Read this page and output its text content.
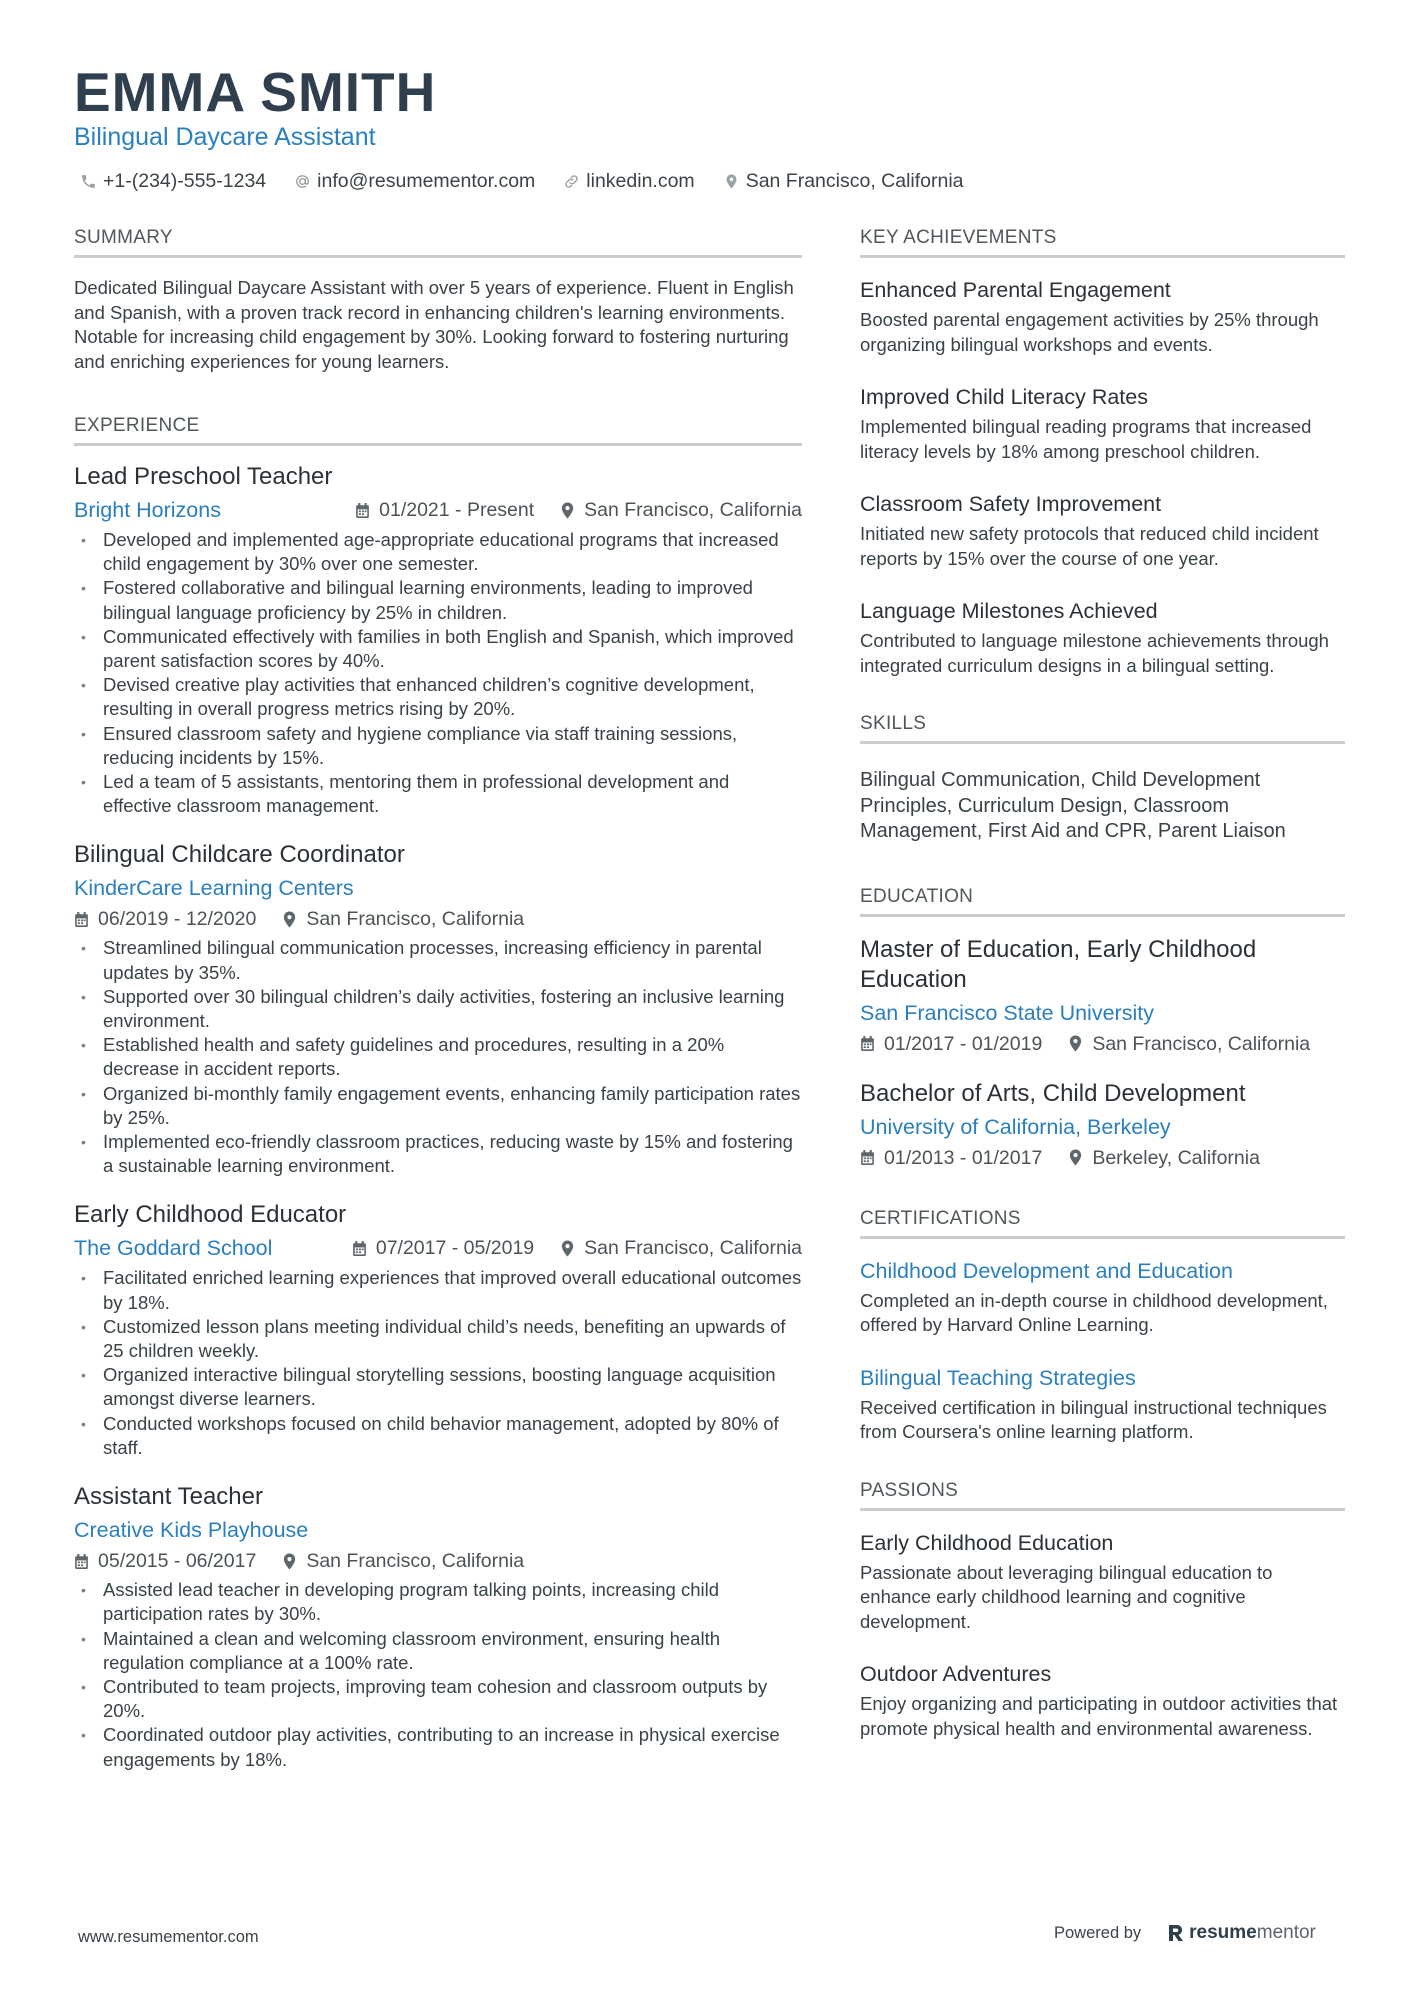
EMMA SMITH
Bilingual Daycare Assistant
+1-(234)-555-1234	info@resumementor.com	linkedin.com	San Francisco, California
SUMMARY
Dedicated Bilingual Daycare Assistant with over 5 years of experience. Fluent in English and Spanish, with a proven track record in enhancing children's learning environments. Notable for increasing child engagement by 30%. Looking forward to fostering nurturing and enriching experiences for young learners.
EXPERIENCE
Lead Preschool Teacher
Bright Horizons	01/2021 - Present	San Francisco, California
• Developed and implemented age-appropriate educational programs that increased child engagement by 30% over one semester.
• Fostered collaborative and bilingual learning environments, leading to improved bilingual language proficiency by 25% in children.
• Communicated effectively with families in both English and Spanish, which improved parent satisfaction scores by 40%.
• Devised creative play activities that enhanced children’s cognitive development, resulting in overall progress metrics rising by 20%.
• Ensured classroom safety and hygiene compliance via staff training sessions, reducing incidents by 15%.
• Led a team of 5 assistants, mentoring them in professional development and effective classroom management.
Bilingual Childcare Coordinator
KinderCare Learning Centers
06/2019 - 12/2020	San Francisco, California
• Streamlined bilingual communication processes, increasing efficiency in parental updates by 35%.
• Supported over 30 bilingual children’s daily activities, fostering an inclusive learning environment.
• Established health and safety guidelines and procedures, resulting in a 20% decrease in accident reports.
• Organized bi-monthly family engagement events, enhancing family participation rates by 25%.
• Implemented eco-friendly classroom practices, reducing waste by 15% and fostering a sustainable learning environment.
Early Childhood Educator
The Goddard School	07/2017 - 05/2019	San Francisco, California
• Facilitated enriched learning experiences that improved overall educational outcomes by 18%.
• Customized lesson plans meeting individual child’s needs, benefiting an upwards of 25 children weekly.
• Organized interactive bilingual storytelling sessions, boosting language acquisition amongst diverse learners.
• Conducted workshops focused on child behavior management, adopted by 80% of staff.
Assistant Teacher
Creative Kids Playhouse
05/2015 - 06/2017	San Francisco, California
• Assisted lead teacher in developing program talking points, increasing child participation rates by 30%.
• Maintained a clean and welcoming classroom environment, ensuring health regulation compliance at a 100% rate.
• Contributed to team projects, improving team cohesion and classroom outputs by 20%.
• Coordinated outdoor play activities, contributing to an increase in physical exercise engagements by 18%.
KEY ACHIEVEMENTS
Enhanced Parental Engagement
Boosted parental engagement activities by 25% through organizing bilingual workshops and events.
Improved Child Literacy Rates
Implemented bilingual reading programs that increased literacy levels by 18% among preschool children.
Classroom Safety Improvement
Initiated new safety protocols that reduced child incident reports by 15% over the course of one year.
Language Milestones Achieved
Contributed to language milestone achievements through integrated curriculum designs in a bilingual setting.
SKILLS
Bilingual Communication, Child Development Principles, Curriculum Design, Classroom Management, First Aid and CPR, Parent Liaison
EDUCATION
Master of Education, Early Childhood Education
San Francisco State University
01/2017 - 01/2019	San Francisco, California
Bachelor of Arts, Child Development
University of California, Berkeley
01/2013 - 01/2017	Berkeley, California
CERTIFICATIONS
Childhood Development and Education
Completed an in-depth course in childhood development, offered by Harvard Online Learning.
Bilingual Teaching Strategies
Received certification in bilingual instructional techniques from Coursera's online learning platform.
PASSIONS
Early Childhood Education
Passionate about leveraging bilingual education to enhance early childhood learning and cognitive development.
Outdoor Adventures
Enjoy organizing and participating in outdoor activities that promote physical health and environmental awareness.
www.resumementor.com	Powered by	resume mentor
